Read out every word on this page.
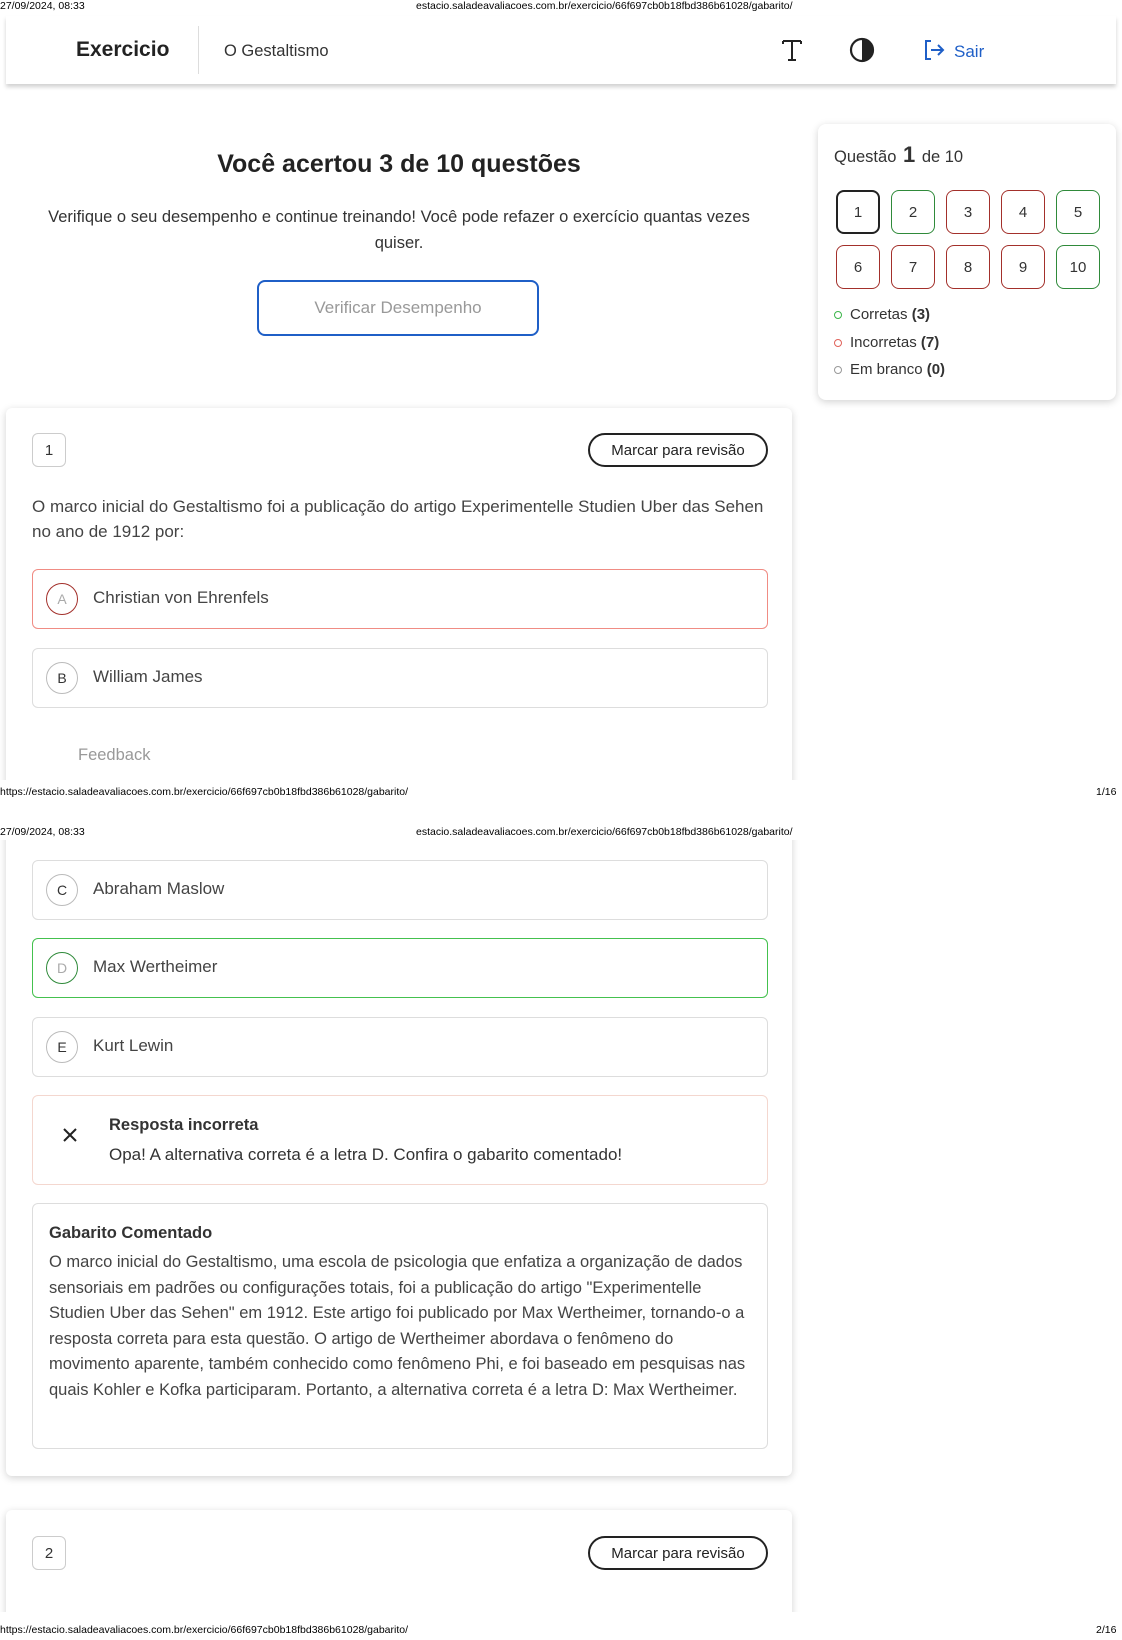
27/09/2024, 08:33	estacio.saladeavaliacoes.com.br/exercicio/66f697cb0b18fbd386b61028/gabarito/
Exercicio	O Gestaltismo	Sair
Você acertou 3 de 10 questões
Verifique o seu desempenho e continue treinando! Você pode refazer o exercício quantas vezes quiser.
Verificar Desempenho
Questão 1 de 10
1	2	3	4	5
6	7	8	9	10
Corretas
(3)
Incorretas
(7)
Em branco
(0)
1	Marcar para revisão
O marco inicial do Gestaltismo foi a publicação do artigo Experimentelle Studien Uber das Sehen no ano de 1912 por:
A	Christian von Ehrenfels
B	William James
C	Abraham Maslow
D	Max Wertheimer
E	Kurt Lewin
Resposta incorreta
Opa! A alternativa correta é a letra D. Confira o gabarito comentado!
Gabarito Comentado
O marco inicial do Gestaltismo, uma escola de psicologia que enfatiza a organização de dados sensoriais em padrões ou configurações totais, foi a publicação do artigo "Experimentelle Studien Uber das Sehen" em 1912. Este artigo foi publicado por Max Wertheimer, tornando-o a resposta correta para esta questão. O artigo de Wertheimer abordava o fenômeno do movimento aparente, também conhecido como fenômeno Phi, e foi baseado em pesquisas nas quais Kohler e Kofka participaram. Portanto, a alternativa correta é a letra D: Max Wertheimer.
Feedback
2	Marcar para revisão
https://estacio.saladeavaliacoes.com.br/exercicio/66f697cb0b18fbd386b61028/gabarito/	1/16
27/09/2024, 08:33	estacio.saladeavaliacoes.com.br/exercicio/66f697cb0b18fbd386b61028/gabarito/
https://estacio.saladeavaliacoes.com.br/exercicio/66f697cb0b18fbd386b61028/gabarito/	2/16
